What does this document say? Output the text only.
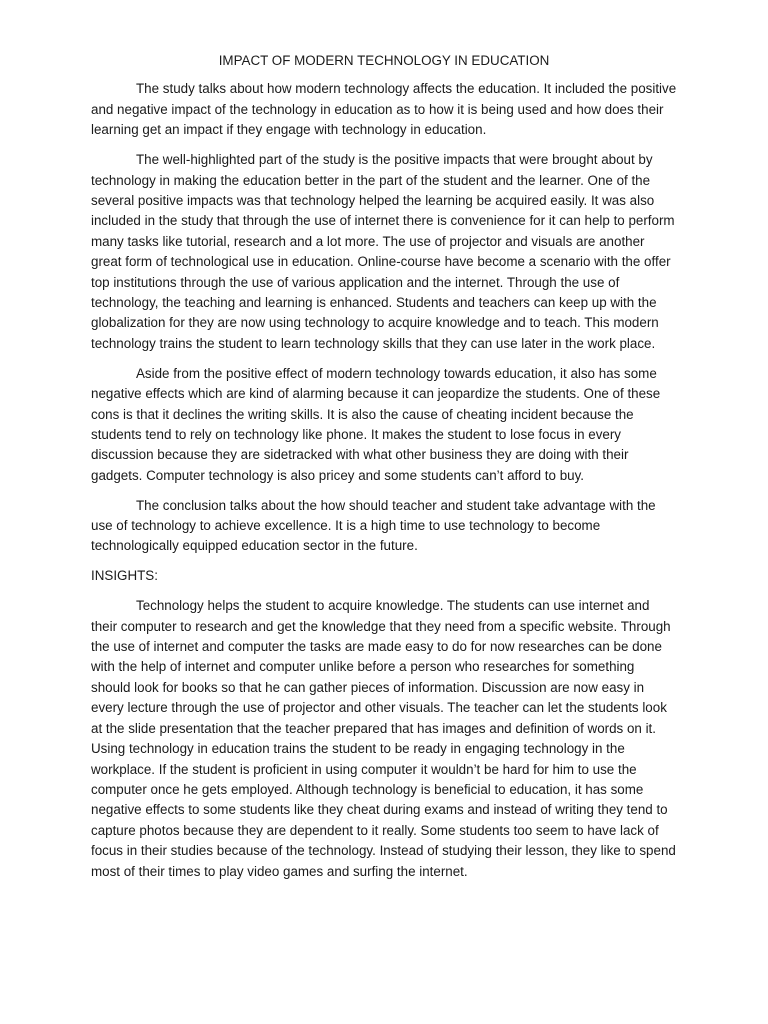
IMPACT OF MODERN TECHNOLOGY IN EDUCATION

The study talks about how modern technology affects the education. It included the positive and negative impact of the technology in education as to how it is being used and how does their learning get an impact if they engage with technology in education.

The well-highlighted part of the study is the positive impacts that were brought about by technology in making the education better in the part of the student and the learner. One of the several positive impacts was that technology helped the learning be acquired easily. It was also included in the study that through the use of internet there is convenience for it can help to perform many tasks like tutorial, research and a lot more. The use of projector and visuals are another great form of technological use in education. Online-course have become a scenario with the offer top institutions through the use of various application and the internet. Through the use of technology, the teaching and learning is enhanced. Students and teachers can keep up with the globalization for they are now using technology to acquire knowledge and to teach. This modern technology trains the student to learn technology skills that they can use later in the work place.

Aside from the positive effect of modern technology towards education, it also has some negative effects which are kind of alarming because it can jeopardize the students. One of these cons is that it declines the writing skills. It is also the cause of cheating incident because the students tend to rely on technology like phone. It makes the student to lose focus in every discussion because they are sidetracked with what other business they are doing with their gadgets. Computer technology is also pricey and some students can’t afford to buy.

The conclusion talks about the how should teacher and student take advantage with the use of technology to achieve excellence. It is a high time to use technology to become technologically equipped education sector in the future.

INSIGHTS:

Technology helps the student to acquire knowledge. The students can use internet and their computer to research and get the knowledge that they need from a specific website. Through the use of internet and computer the tasks are made easy to do for now researches can be done with the help of internet and computer unlike before a person who researches for something should look for books so that he can gather pieces of information. Discussion are now easy in every lecture through the use of projector and other visuals. The teacher can let the students look at the slide presentation that the teacher prepared that has images and definition of words on it. Using technology in education trains the student to be ready in engaging technology in the workplace. If the student is proficient in using computer it wouldn’t be hard for him to use the computer once he gets employed. Although technology is beneficial to education, it has some negative effects to some students like they cheat during exams and instead of writing they tend to capture photos because they are dependent to it really. Some students too seem to have lack of focus in their studies because of the technology. Instead of studying their lesson, they like to spend most of their times to play video games and surfing the internet.
